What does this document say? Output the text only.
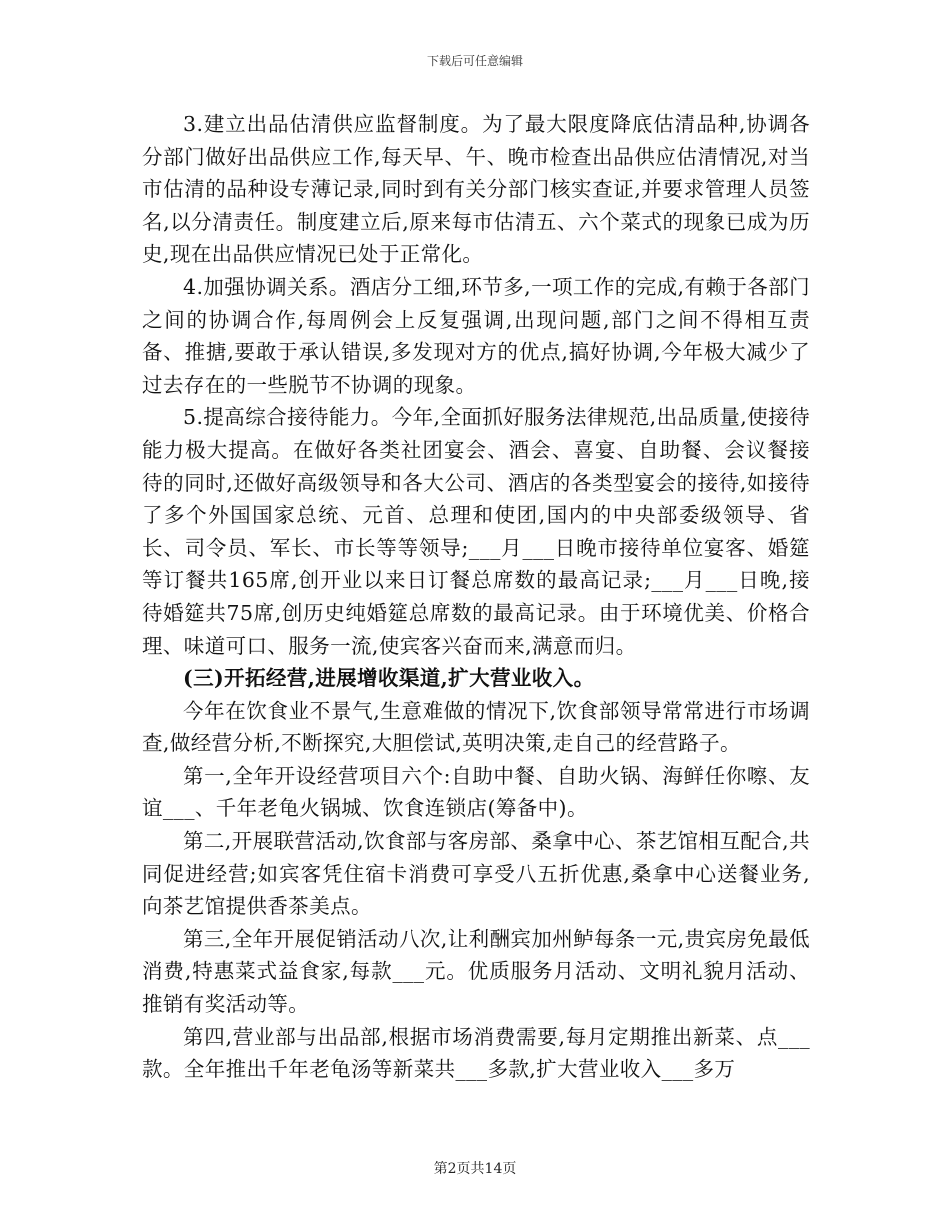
下载后可任意编辑

3.建立出品估清供应监督制度。为了最大限度降底估清品种,协调各分部门做好出品供应工作,每天早、午、晚市检查出品供应估清情况,对当市估清的品种设专薄记录,同时到有关分部门核实查证,并要求管理人员签名,以分清责任。制度建立后,原来每市估清五、六个菜式的现象已成为历史,现在出品供应情况已处于正常化。

4.加强协调关系。酒店分工细,环节多,一项工作的完成,有赖于各部门之间的协调合作,每周例会上反复强调,出现问题,部门之间不得相互责备、推搪,要敢于承认错误,多发现对方的优点,搞好协调,今年极大减少了过去存在的一些脱节不协调的现象。

5.提高综合接待能力。今年,全面抓好服务法律规范,出品质量,使接待能力极大提高。在做好各类社团宴会、酒会、喜宴、自助餐、会议餐接待的同时,还做好高级领导和各大公司、酒店的各类型宴会的接待,如接待了多个外国国家总统、元首、总理和使团,国内的中央部委级领导、省长、司令员、军长、市长等等领导;___月___日晚市接待单位宴客、婚筵等订餐共165席,创开业以来日订餐总席数的最高记录;___月___日晚,接待婚筵共75席,创历史纯婚筵总席数的最高记录。由于环境优美、价格合理、味道可口、服务一流,使宾客兴奋而来,满意而归。

(三)开拓经营,进展增收渠道,扩大营业收入。

今年在饮食业不景气,生意难做的情况下,饮食部领导常常进行市场调查,做经营分析,不断探究,大胆偿试,英明决策,走自己的经营路子。

第一,全年开设经营项目六个:自助中餐、自助火锅、海鲜任你嚓、友谊___、千年老龟火锅城、饮食连锁店(筹备中)。

第二,开展联营活动,饮食部与客房部、桑拿中心、茶艺馆相互配合,共同促进经营;如宾客凭住宿卡消费可享受八五折优惠,桑拿中心送餐业务,向茶艺馆提供香茶美点。

第三,全年开展促销活动八次,让利酬宾加州鲈每条一元,贵宾房免最低消费,特惠菜式益食家,每款___元。优质服务月活动、文明礼貌月活动、推销有奖活动等。

第四,营业部与出品部,根据市场消费需要,每月定期推出新菜、点___款。全年推出千年老龟汤等新菜共___多款,扩大营业收入___多万

第2页共14页
